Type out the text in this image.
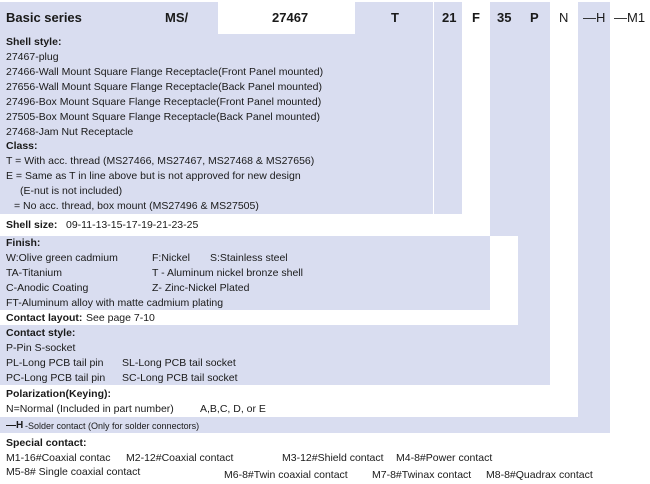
Basic series	MS/	27467	T	21 F 35 P N —H —M1
Shell style:
27467-plug
27466-Wall Mount Square Flange Receptacle(Front Panel mounted)
27656-Wall Mount Square Flange Receptacle(Back Panel mounted)
27496-Box Mount Square Flange Receptacle(Front Panel mounted)
27505-Box Mount Square Flange Receptacle(Back Panel mounted)
27468-Jam Nut Receptacle
Class:
T = With acc. thread (MS27466, MS27467, MS27468 & MS27656)
E = Same as T in line above but is not approved for new design
(E-nut is not included)
= No acc. thread, box mount (MS27496 & MS27505)
Shell size: 09-11-13-15-17-19-21-23-25
Finish:
W:Olive green cadmium	F:Nickel S:Stainless steel
TA-Titanium	T - Aluminum nickel bronze shell
C-Anodic Coating	Z- Zinc-Nickel Plated
FT-Aluminum alloy with matte cadmium plating
Contact layout: See page 7-10
Contact style:
P-Pin S-socket
PL-Long PCB tail pin SL-Long PCB tail socket
PC-Long PCB tail pin SC-Long PCB tail socket
Polarization(Keying):
N=Normal (Included in part number) A,B,C, D, or E
—H -Solder contact (Only for solder connectors)
Special contact:
M1-16#Coaxial contac M2-12#Coaxial contact	M3-12#Shield contact M4-8#Power contact
M5-8# Single coaxial contact	M6-8#Twin coaxial contact M7-8#Twinax contact M8-8#Quadrax contact
